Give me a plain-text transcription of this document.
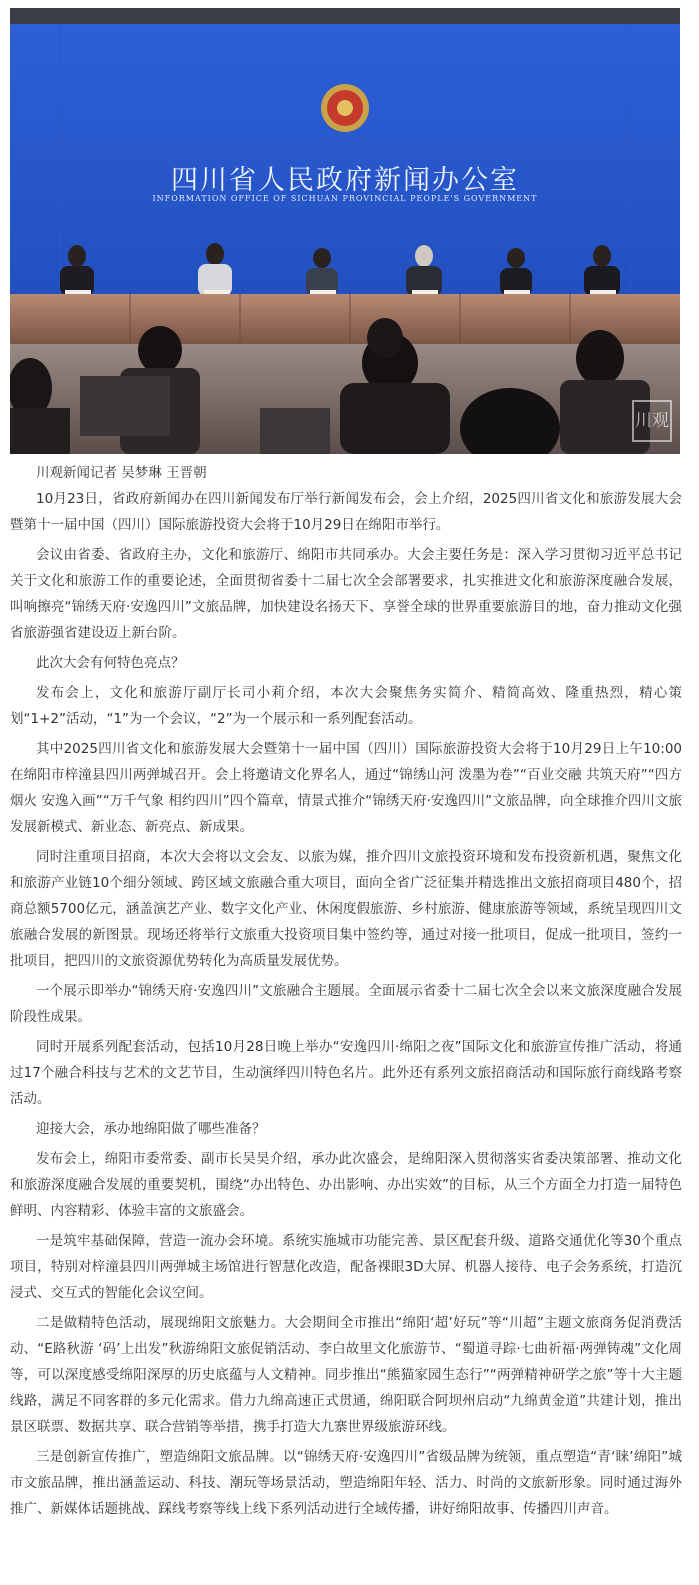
四川省人民政府新闻办公室
INFORMATION OFFICE OF SICHUAN PROVINCIAL PEOPLE'S GOVERNMENT
川观

川观新闻记者 吴梦琳 王晋朝

10月23日，省政府新闻办在四川新闻发布厅举行新闻发布会，会上介绍，2025四川省文化和旅游发展大会暨第十一届中国（四川）国际旅游投资大会将于10月29日在绵阳市举行。

会议由省委、省政府主办，文化和旅游厅、绵阳市共同承办。大会主要任务是：深入学习贯彻习近平总书记关于文化和旅游工作的重要论述，全面贯彻省委十二届七次全会部署要求，扎实推进文化和旅游深度融合发展，叫响擦亮“锦绣天府·安逸四川”文旅品牌，加快建设名扬天下、享誉全球的世界重要旅游目的地，奋力推动文化强省旅游强省建设迈上新台阶。

此次大会有何特色亮点？

发布会上，文化和旅游厅副厅长司小莉介绍，本次大会聚焦务实简介、精简高效、隆重热烈，精心策划“1+2”活动，“1”为一个会议，“2”为一个展示和一系列配套活动。

其中2025四川省文化和旅游发展大会暨第十一届中国（四川）国际旅游投资大会将于10月29日上午10:00在绵阳市梓潼县四川两弹城召开。会上将邀请文化界名人，通过“锦绣山河 泼墨为卷”“百业交融 共筑天府”“四方烟火 安逸入画”“万千气象 相约四川”四个篇章，情景式推介“锦绣天府·安逸四川”文旅品牌，向全球推介四川文旅发展新模式、新业态、新亮点、新成果。

同时注重项目招商，本次大会将以文会友、以旅为媒，推介四川文旅投资环境和发布投资新机遇，聚焦文化和旅游产业链10个细分领域、跨区域文旅融合重大项目，面向全省广泛征集并精选推出文旅招商项目480个，招商总额5700亿元，涵盖演艺产业、数字文化产业、休闲度假旅游、乡村旅游、健康旅游等领域，系统呈现四川文旅融合发展的新图景。现场还将举行文旅重大投资项目集中签约等，通过对接一批项目，促成一批项目，签约一批项目，把四川的文旅资源优势转化为高质量发展优势。

一个展示即举办“锦绣天府·安逸四川”文旅融合主题展。全面展示省委十二届七次全会以来文旅深度融合发展阶段性成果。

同时开展系列配套活动，包括10月28日晚上举办“安逸四川·绵阳之夜”国际文化和旅游宣传推广活动，将通过17个融合科技与艺术的文艺节目，生动演绎四川特色名片。此外还有系列文旅招商活动和国际旅行商线路考察活动。

迎接大会，承办地绵阳做了哪些准备？

发布会上，绵阳市委常委、副市长吴昊介绍，承办此次盛会，是绵阳深入贯彻落实省委决策部署、推动文化和旅游深度融合发展的重要契机，围绕“办出特色、办出影响、办出实效”的目标，从三个方面全力打造一届特色鲜明、内容精彩、体验丰富的文旅盛会。

一是筑牢基础保障，营造一流办会环境。系统实施城市功能完善、景区配套升级、道路交通优化等30个重点项目，特别对梓潼县四川两弹城主场馆进行智慧化改造，配备裸眼3D大屏、机器人接待、电子会务系统，打造沉浸式、交互式的智能化会议空间。

二是做精特色活动，展现绵阳文旅魅力。大会期间全市推出“绵阳‘超’好玩”等“川超”主题文旅商务促消费活动、“E路秋游 ‘码’上出发”秋游绵阳文旅促销活动、李白故里文化旅游节、“蜀道寻踪·七曲祈福·两弹铸魂”文化周等，可以深度感受绵阳深厚的历史底蕴与人文精神。同步推出“熊猫家园生态行”“两弹精神研学之旅”等十大主题线路，满足不同客群的多元化需求。借力九绵高速正式贯通，绵阳联合阿坝州启动“九绵黄金道”共建计划，推出景区联票、数据共享、联合营销等举措，携手打造大九寨世界级旅游环线。

三是创新宣传推广，塑造绵阳文旅品牌。以“锦绣天府·安逸四川”省级品牌为统领，重点塑造“青‘睐’绵阳”城市文旅品牌，推出涵盖运动、科技、潮玩等场景活动，塑造绵阳年轻、活力、时尚的文旅新形象。同时通过海外推广、新媒体话题挑战、踩线考察等线上线下系列活动进行全域传播，讲好绵阳故事、传播四川声音。
